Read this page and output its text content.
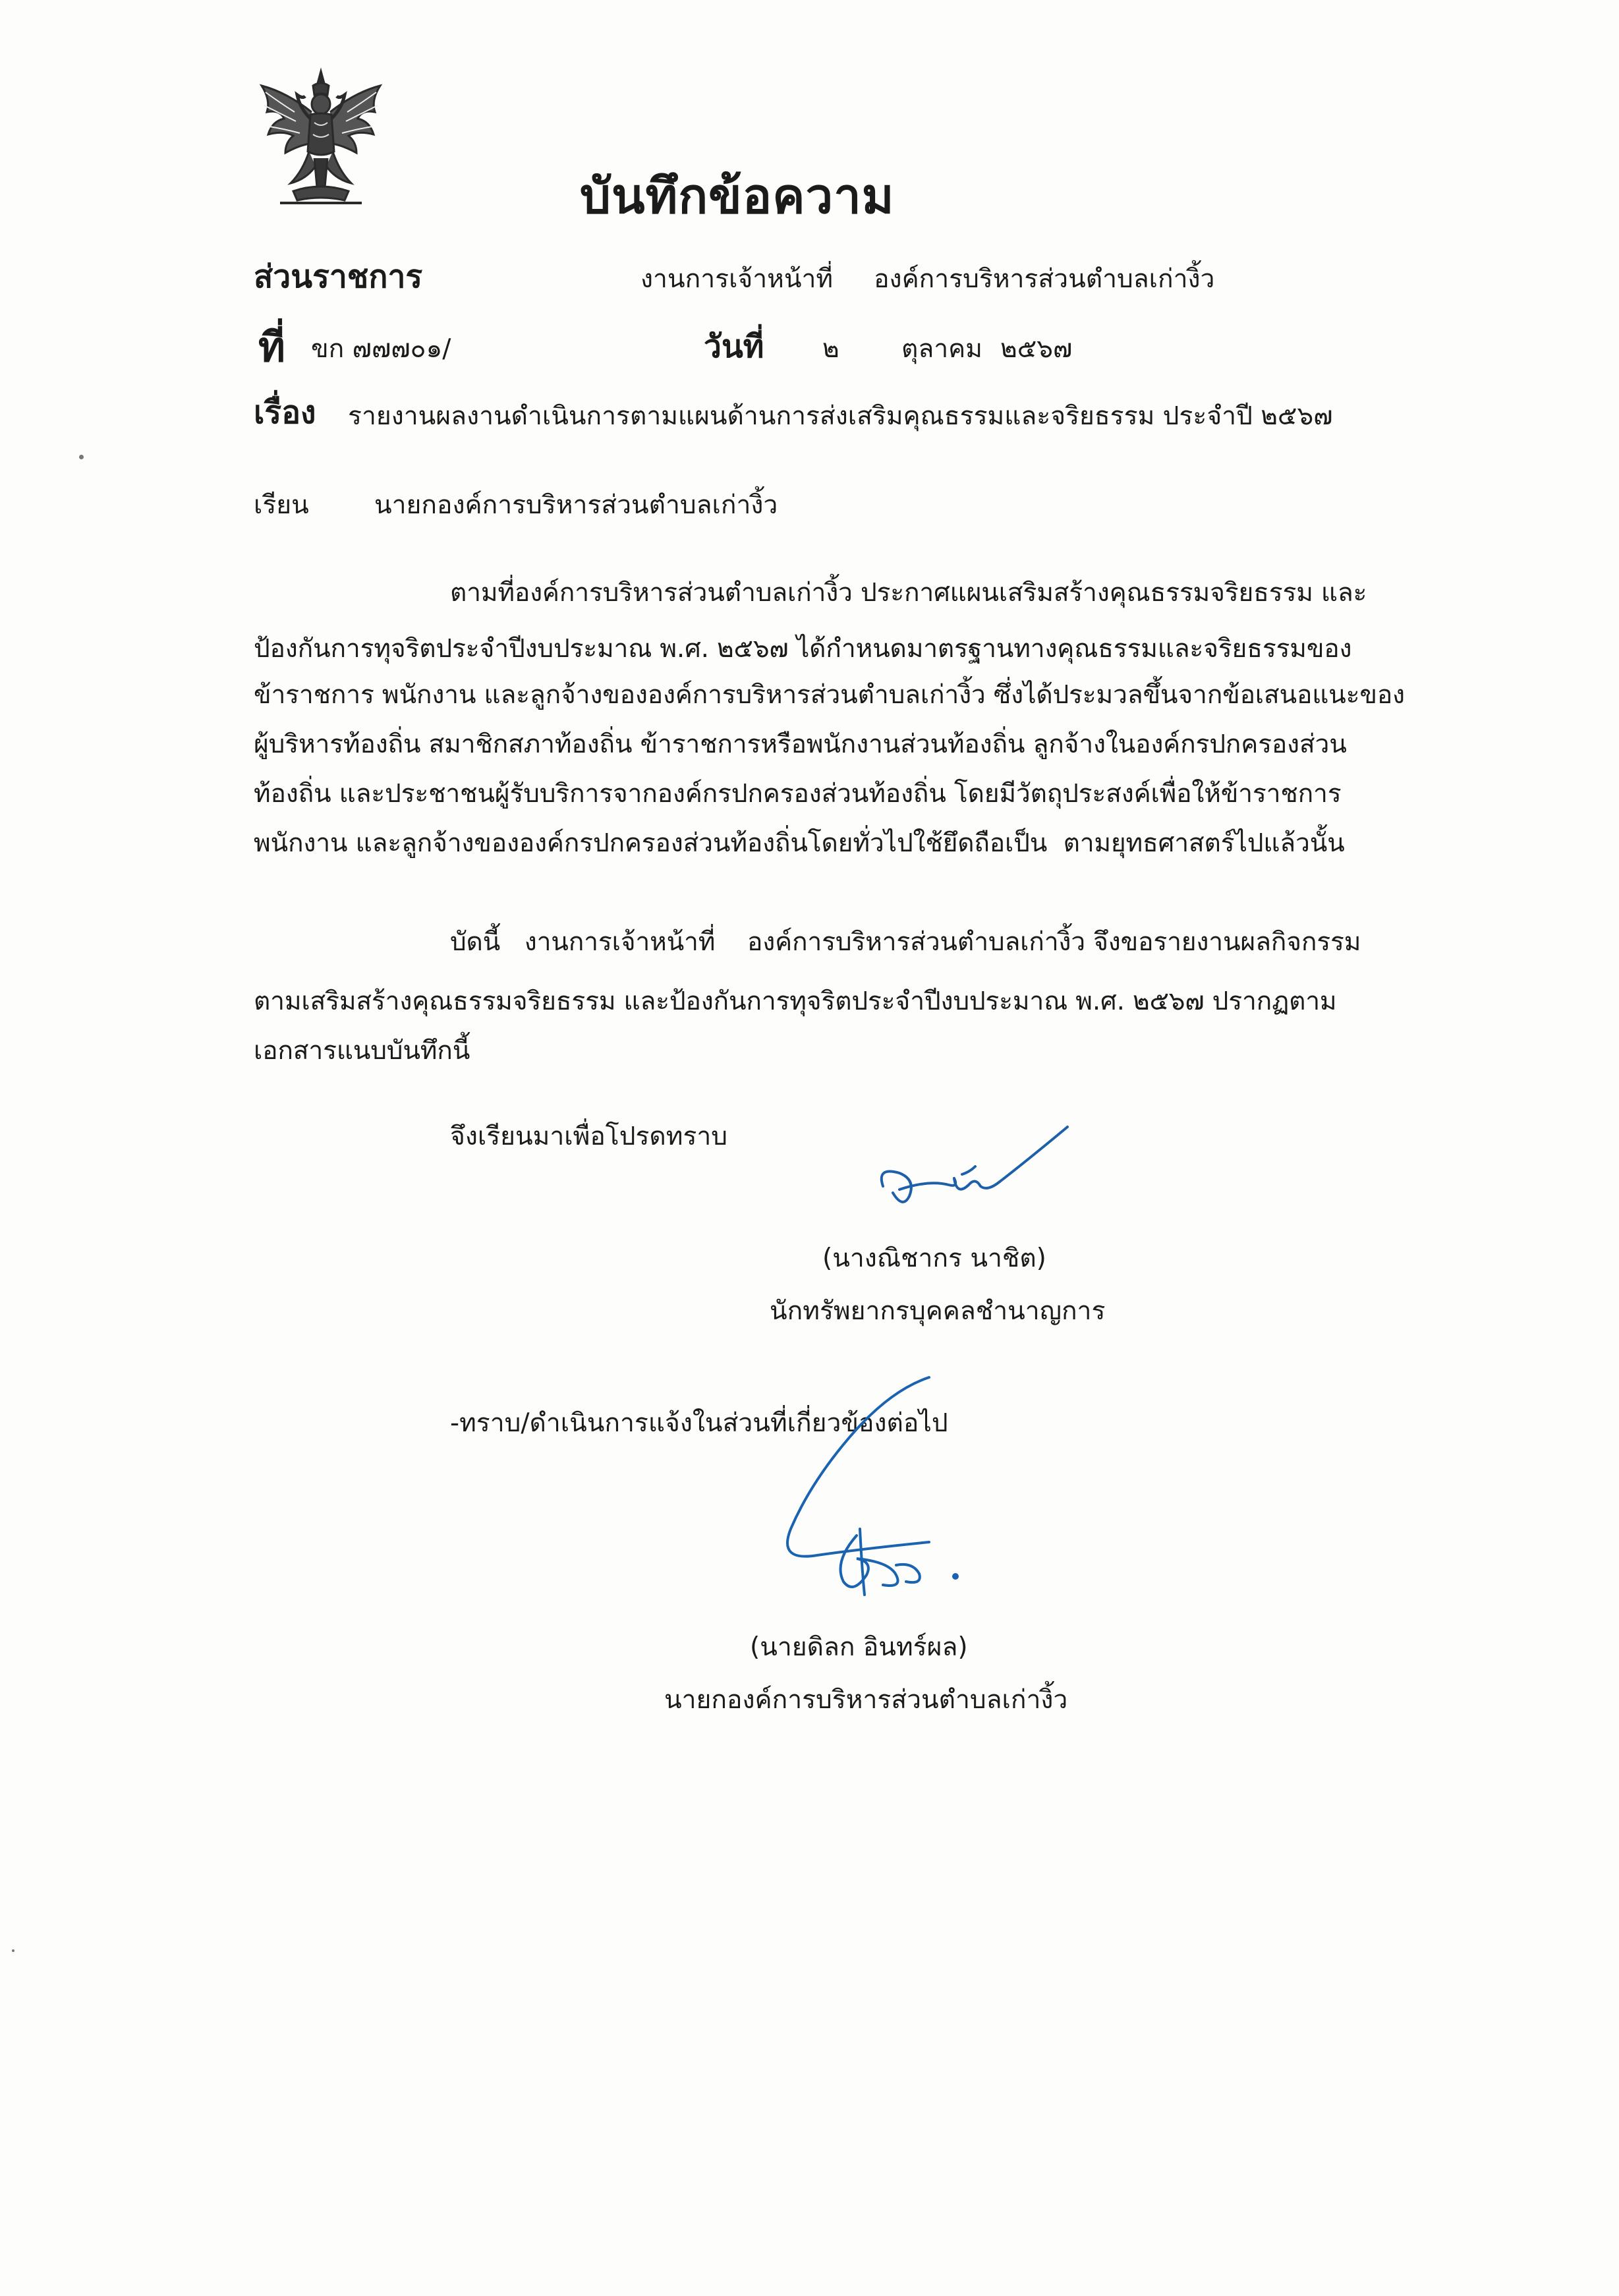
บันทึกข้อความ
ส่วนราชการ	งานการเจ้าหน้าที่     องค์การบริหารส่วนตำบลเก่างิ้ว
ที่ ขก ๗๗๗๐๑/	วันที่ ๒ ตุลาคม ๒๕๖๗
เรื่อง รายงานผลงานดำเนินการตามแผนด้านการส่งเสริมคุณธรรมและจริยธรรม ประจำปี ๒๕๖๗
เรียน	นายกองค์การบริหารส่วนตำบลเก่างิ้ว
ตามที่องค์การบริหารส่วนตำบลเก่างิ้ว ประกาศแผนเสริมสร้างคุณธรรมจริยธรรม และ
ป้องกันการทุจริตประจำปีงบประมาณ พ.ศ. ๒๕๖๗ ได้กำหนดมาตรฐานทางคุณธรรมและจริยธรรมของ
ข้าราชการ พนักงาน และลูกจ้างขององค์การบริหารส่วนตำบลเก่างิ้ว ซึ่งได้ประมวลขึ้นจากข้อเสนอแนะของ
ผู้บริหารท้องถิ่น สมาชิกสภาท้องถิ่น ข้าราชการหรือพนักงานส่วนท้องถิ่น ลูกจ้างในองค์กรปกครองส่วน
ท้องถิ่น และประชาชนผู้รับบริการจากองค์กรปกครองส่วนท้องถิ่น โดยมีวัตถุประสงค์เพื่อให้ข้าราชการ
พนักงาน และลูกจ้างขององค์กรปกครองส่วนท้องถิ่นโดยทั่วไปใช้ยึดถือเป็น  ตามยุทธศาสตร์ไปแล้วนั้น
บัดนี้   งานการเจ้าหน้าที่    องค์การบริหารส่วนตำบลเก่างิ้ว จึงขอรายงานผลกิจกรรม
ตามเสริมสร้างคุณธรรมจริยธรรม และป้องกันการทุจริตประจำปีงบประมาณ พ.ศ. ๒๕๖๗ ปรากฏตาม
เอกสารแนบบันทึกนี้
จึงเรียนมาเพื่อโปรดทราบ
(นางณิชากร นาชิต)
นักทรัพยากรบุคคลชำนาญการ
-ทราบ/ดำเนินการแจ้งในส่วนที่เกี่ยวข้องต่อไป
(นายดิลก อินทร์ผล)
นายกองค์การบริหารส่วนตำบลเก่างิ้ว
